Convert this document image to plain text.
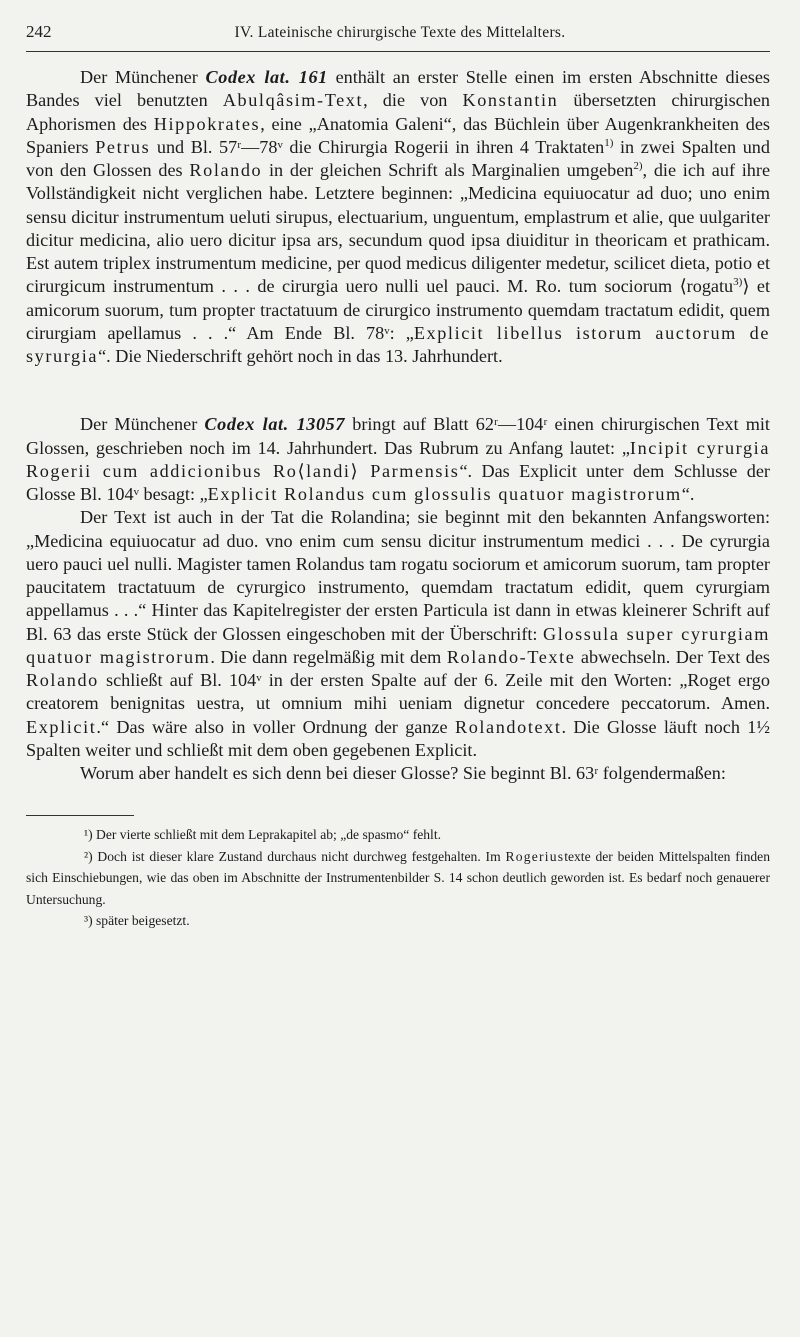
242	IV. Lateinische chirurgische Texte des Mittelalters.

Der Münchener Codex lat. 161 enthält an erster Stelle einen im ersten Abschnitte dieses Bandes viel benutzten Abulqâsim-Text, die von Konstantin übersetzten chirurgischen Aphorismen des Hippokrates, eine „Anatomia Galeni“, das Büchlein über Augenkrankheiten des Spaniers Petrus und Bl. 57ʳ—78ᵛ die Chirurgia Rogerii in ihren 4 Traktaten$^{1)}$ in zwei Spalten und von den Glossen des Rolando in der gleichen Schrift als Marginalien umgeben$^{2)}$, die ich auf ihre Vollständigkeit nicht verglichen habe. Letztere beginnen: „Medicina equiuocatur ad duo; uno enim sensu dicitur instrumentum ueluti sirupus, electuarium, unguentum, emplastrum et alie, que uulgariter dicitur medicina, alio uero dicitur ipsa ars, secundum quod ipsa diuiditur in theoricam et prathicam. Est autem triplex instrumentum medicine, per quod medicus diligenter medetur, scilicet dieta, potio et cirurgicum instrumentum . . . de cirurgia uero nulli uel pauci. M. Ro. tum sociorum ⟨rogatu$^{3)}$⟩ et amicorum suorum, tum propter tractatuum de cirurgico instrumento quemdam tractatum edidit, quem cirurgiam apellamus . . .“ Am Ende Bl. 78ᵛ: „Explicit libellus istorum auctorum de syrurgia“. Die Niederschrift gehört noch in das 13. Jahrhundert.

Der Münchener Codex lat. 13057 bringt auf Blatt 62ʳ—104ʳ einen chirurgischen Text mit Glossen, geschrieben noch im 14. Jahrhundert. Das Rubrum zu Anfang lautet: „Incipit cyrurgia Rogerii cum addicionibus Ro⟨landi⟩ Parmensis“. Das Explicit unter dem Schlusse der Glosse Bl. 104ᵛ besagt: „Explicit Rolandus cum glossulis quatuor magistrorum“.

Der Text ist auch in der Tat die Rolandina; sie beginnt mit den bekannten Anfangsworten: „Medicina equiuocatur ad duo. vno enim cum sensu dicitur instrumentum medici . . . De cyrurgia uero pauci uel nulli. Magister tamen Rolandus tam rogatu sociorum et amicorum suorum, tam propter paucitatem tractatuum de cyrurgico instrumento, quemdam tractatum edidit, quem cyrurgiam appellamus . . .“ Hinter das Kapitelregister der ersten Particula ist dann in etwas kleinerer Schrift auf Bl. 63 das erste Stück der Glossen eingeschoben mit der Überschrift: Glossula super cyrurgiam quatuor magistrorum. Die dann regelmäßig mit dem Rolando-Texte abwechseln. Der Text des Rolando schließt auf Bl. 104ᵛ in der ersten Spalte auf der 6. Zeile mit den Worten: „Roget ergo creatorem benignitas uestra, ut omnium mihi ueniam dignetur concedere peccatorum. Amen. Explicit.“ Das wäre also in voller Ordnung der ganze Rolandotext. Die Glosse läuft noch 1½ Spalten weiter und schließt mit dem oben gegebenen Explicit.

Worum aber handelt es sich denn bei dieser Glosse? Sie beginnt Bl. 63ʳ folgendermaßen:

¹) Der vierte schließt mit dem Leprakapitel ab; „de spasmo“ fehlt.

²) Doch ist dieser klare Zustand durchaus nicht durchweg festgehalten. Im Rogeriustexte der beiden Mittelspalten finden sich Einschiebungen, wie das oben im Abschnitte der Instrumentenbilder S. 14 schon deutlich geworden ist. Es bedarf noch genauerer Untersuchung.

³) später beigesetzt.
